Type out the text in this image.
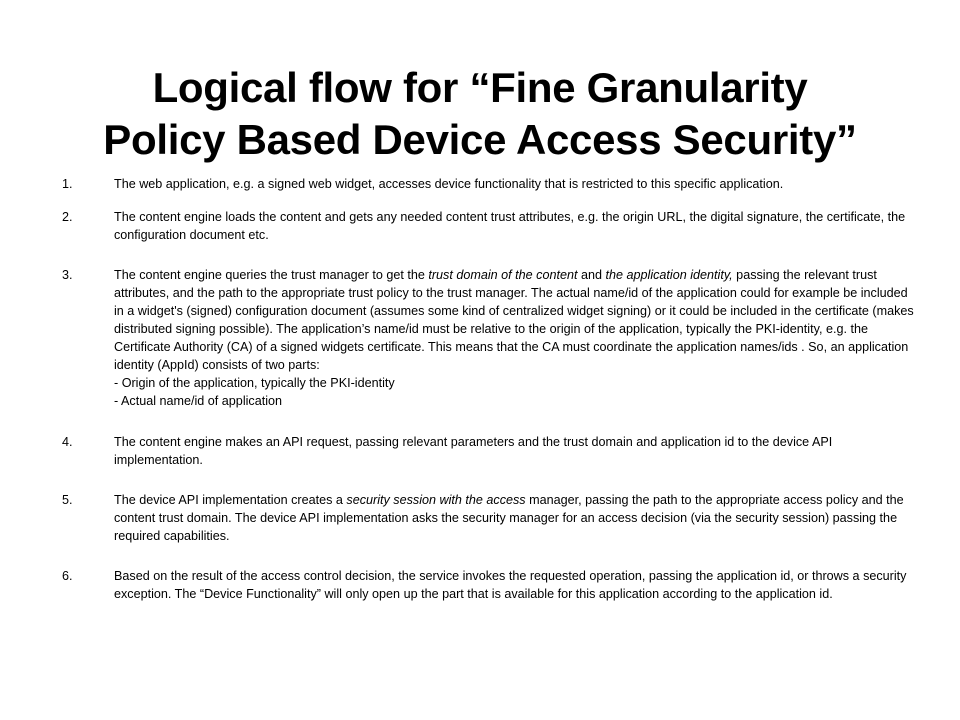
Logical flow for “Fine Granularity
Policy Based Device Access Security”
1.	The web application, e.g. a signed web widget, accesses device functionality that is restricted to this specific application.
2.	The content engine loads the content and gets any needed content trust attributes, e.g. the origin URL, the digital signature, the certificate, the configuration document etc.
3.	The content engine queries the trust manager to get the trust domain of the content and the application identity, passing the relevant trust attributes, and the path to the appropriate trust policy to the trust manager. The actual name/id of the application could for example be included in a widget's (signed) configuration document (assumes some kind of centralized widget signing) or it could be included in the certificate (makes distributed signing possible). The application’s name/id must be relative to the origin of the application, typically the PKI-identity, e.g. the Certificate Authority (CA) of a signed widgets certificate. This means that the CA must coordinate the application names/ids . So, an application identity (AppId) consists of two parts:
- Origin of the application, typically the PKI-identity
- Actual name/id of application
4.	The content engine makes an API request, passing relevant parameters and the trust domain and application id to the device API implementation.
5.	The device API implementation creates a security session with the access manager, passing the path to the appropriate access policy and the content trust domain. The device API implementation asks the security manager for an access decision (via the security session) passing the required capabilities.
6.	Based on the result of the access control decision, the service invokes the requested operation, passing the application id, or throws a security exception. The “Device Functionality” will only open up the part that is available for this application according to the application id.
